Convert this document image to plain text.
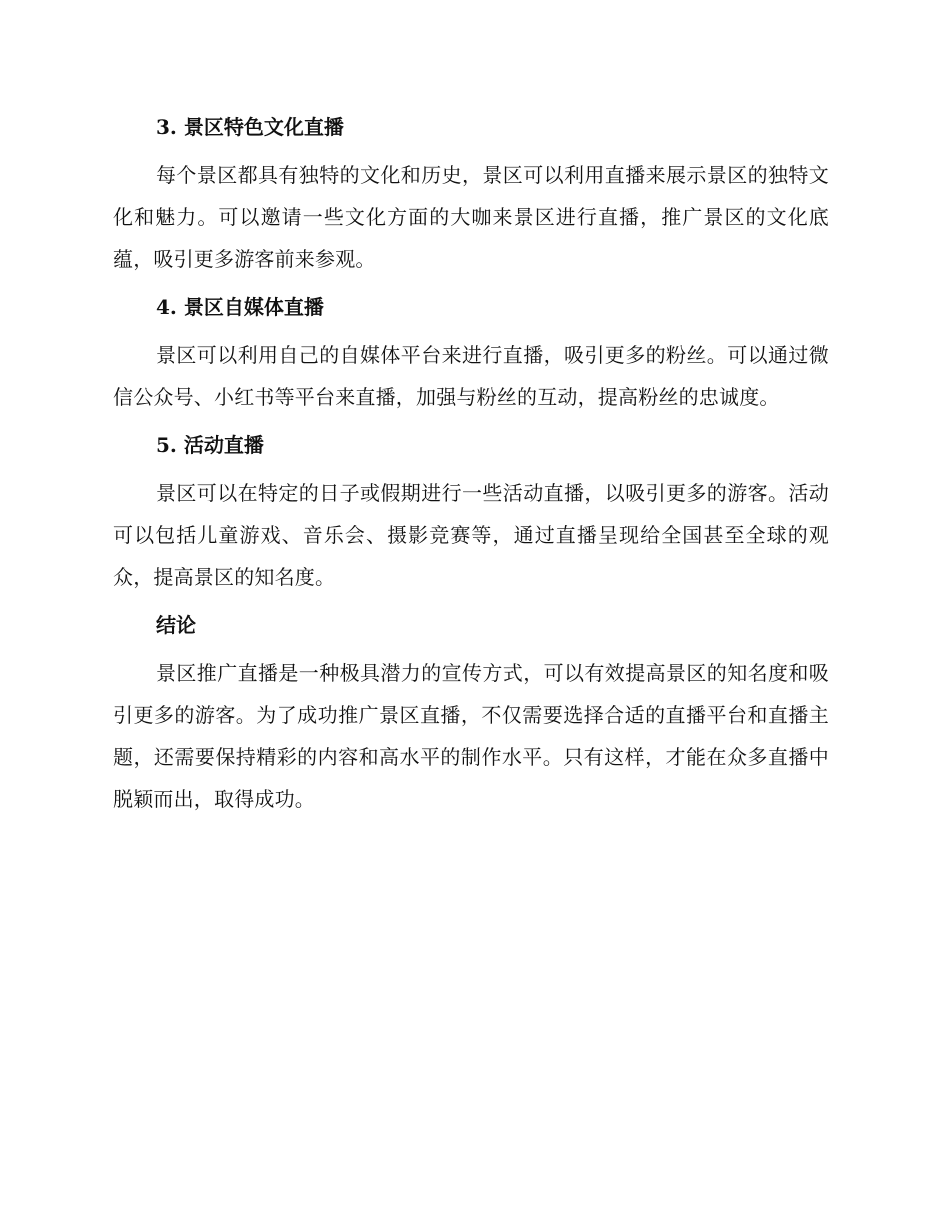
3. 景区特色文化直播

每个景区都具有独特的文化和历史，景区可以利用直播来展示景区的独特文化和魅力。可以邀请一些文化方面的大咖来景区进行直播，推广景区的文化底蕴，吸引更多游客前来参观。

4. 景区自媒体直播

景区可以利用自己的自媒体平台来进行直播，吸引更多的粉丝。可以通过微信公众号、小红书等平台来直播，加强与粉丝的互动，提高粉丝的忠诚度。

5. 活动直播

景区可以在特定的日子或假期进行一些活动直播，以吸引更多的游客。活动可以包括儿童游戏、音乐会、摄影竞赛等，通过直播呈现给全国甚至全球的观众，提高景区的知名度。

结论

景区推广直播是一种极具潜力的宣传方式，可以有效提高景区的知名度和吸引更多的游客。为了成功推广景区直播，不仅需要选择合适的直播平台和直播主题，还需要保持精彩的内容和高水平的制作水平。只有这样，才能在众多直播中脱颖而出，取得成功。
